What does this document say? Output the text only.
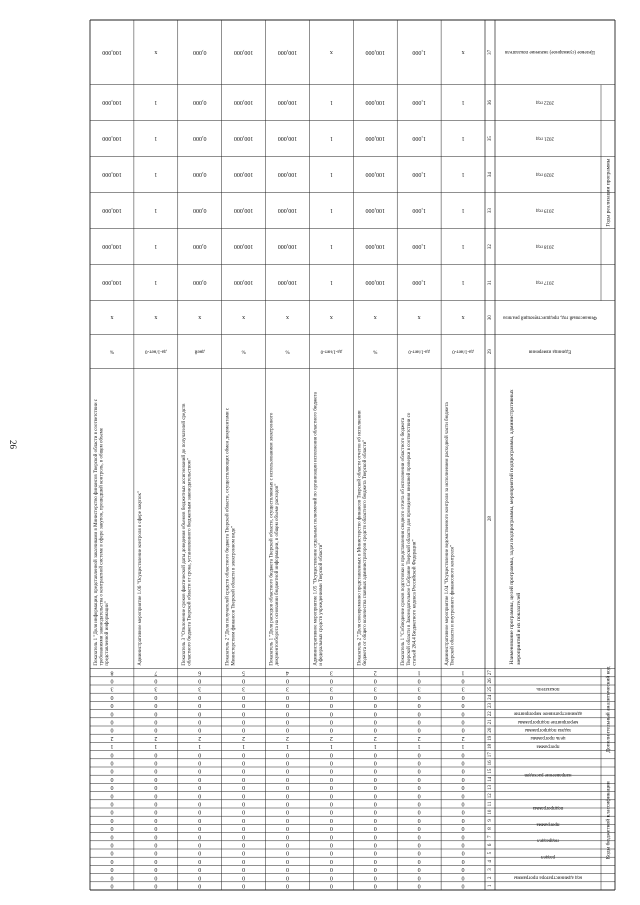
26
Коды бюджетной классификации
Дополнительный аналитический код
Годы реализации программы
код администратора программы
раздел
подраздел
программа
подпрограмма
направление расходов
программа
цель программы
задача подпрограммы
мероприятие подпрограммы
административное мероприятие
показатель
Наименование программы, целей программы, задач подпрограммы, мероприятий подпрограммы, административныхмероприятий и их показателей
Единица измерения
Финансовый год, предшествующий реализа
2017 год
2018 год
2019 год
2020 год
2021 год
2022 год
Целевое (суммарное) значение показателя
1
2
3
4
5
6
7
8
9
10
11
12
13
14
15
16
17
18
19
20
21
22
23
24
25
26
27
28
29
30
31
32
33
34
35
36
37
0
0
0
0
0
0
0
0
0
0
0
0
0
0
0
0
0
1
2
0
0
0
0
0
3
0
1
Административное мероприятие 1.04 "Осуществление ведомственного контроля за исполнением расходной части бюджетаТверской области и внутреннего финансового контроля"
да-1/нет-0
х
1
1
1
1
1
1
х
0
0
0
0
0
0
0
0
0
0
0
0
0
0
0
0
0
1
2
0
0
0
0
0
3
0
1
Показатель 1 "Соблюдение сроков подготовки и представления сводного отчета об исполнении областного бюджетаТверской области в Законодательное Собрание Тверской области для проведения внешней проверки в соответствии состатьей 264.4 Бюджетного кодекса Российской Федерации"
да-1/нет-0
х
1,000
1,000
1,000
1,000
1,000
1,000
1,000
0
0
0
0
0
0
0
0
0
0
0
0
0
0
0
0
0
1
2
0
0
0
0
0
3
0
2
Показатель 2 "Доля своевременно представленных в Министерство финансов Тверской области отчетов об исполнениибюджета от общего количества главных администраторов средств областного бюджета Тверской области"
%
х
100,000
100,000
100,000
100,000
100,000
100,000
100,000
0
0
0
0
0
0
0
0
0
0
0
0
0
0
0
0
0
1
2
0
0
0
0
0
3
0
3
Административное мероприятие 1.05 "Осуществление отдельных полномочий по организации исполнения областного бюджетаи федеральных средств учреждениями Тверской области"
да-1/нет-0
х
1
1
1
1
1
1
х
0
0
0
0
0
0
0
0
0
0
0
0
0
0
0
0
0
1
2
0
0
0
0
0
3
0
4
Показатель 1 "Доля расходов областного бюджета Тверской области, осуществляемых с использованием электронногодокументооборота на основании бюджетной информации, в общем объеме расходов"
%
х
100,000
100,000
100,000
100,000
100,000
100,000
100,000
0
0
0
0
0
0
0
0
0
0
0
0
0
0
0
0
0
1
2
0
0
0
0
0
3
0
5
Показатель 2 "Доля получателей средств областного бюджета Тверской области, осуществляющих обмен документами сМинистерством финансов Тверской области в электронном виде"
%
х
100,000
100,000
100,000
100,000
100,000
100,000
100,000
0
0
0
0
0
0
0
0
0
0
0
0
0
0
0
0
0
1
2
0
0
0
0
0
3
0
6
Показатель 3 "Отклонение сроков фактической даты доведения объемов бюджетных ассигнований до получателей средствобластного бюджета Тверской области от срока, установленного бюджетным законодательством"
дней
х
0,000
0,000
0,000
0,000
0,000
0,000
0,000
0
0
0
0
0
0
0
0
0
0
0
0
0
0
0
0
0
1
2
0
0
0
0
0
3
0
7
Административное мероприятие 1.06 "Осуществление контроля в сфере закупок"
да-1/нет-0
х
1
1
1
1
1
1
х
0
0
0
0
0
0
0
0
0
0
0
0
0
0
0
0
0
1
2
0
0
0
0
0
3
0
8
Показатель 1 "Доля информации, представленной заказчиками в Министерство финансов Тверской области в соответствии стребованиями законодательства о контрактной системе в сфере закупок, прошедшей контроль, в общем объемепредставленной информации"
%
х
100,000
100,000
100,000
100,000
100,000
100,000
100,000
